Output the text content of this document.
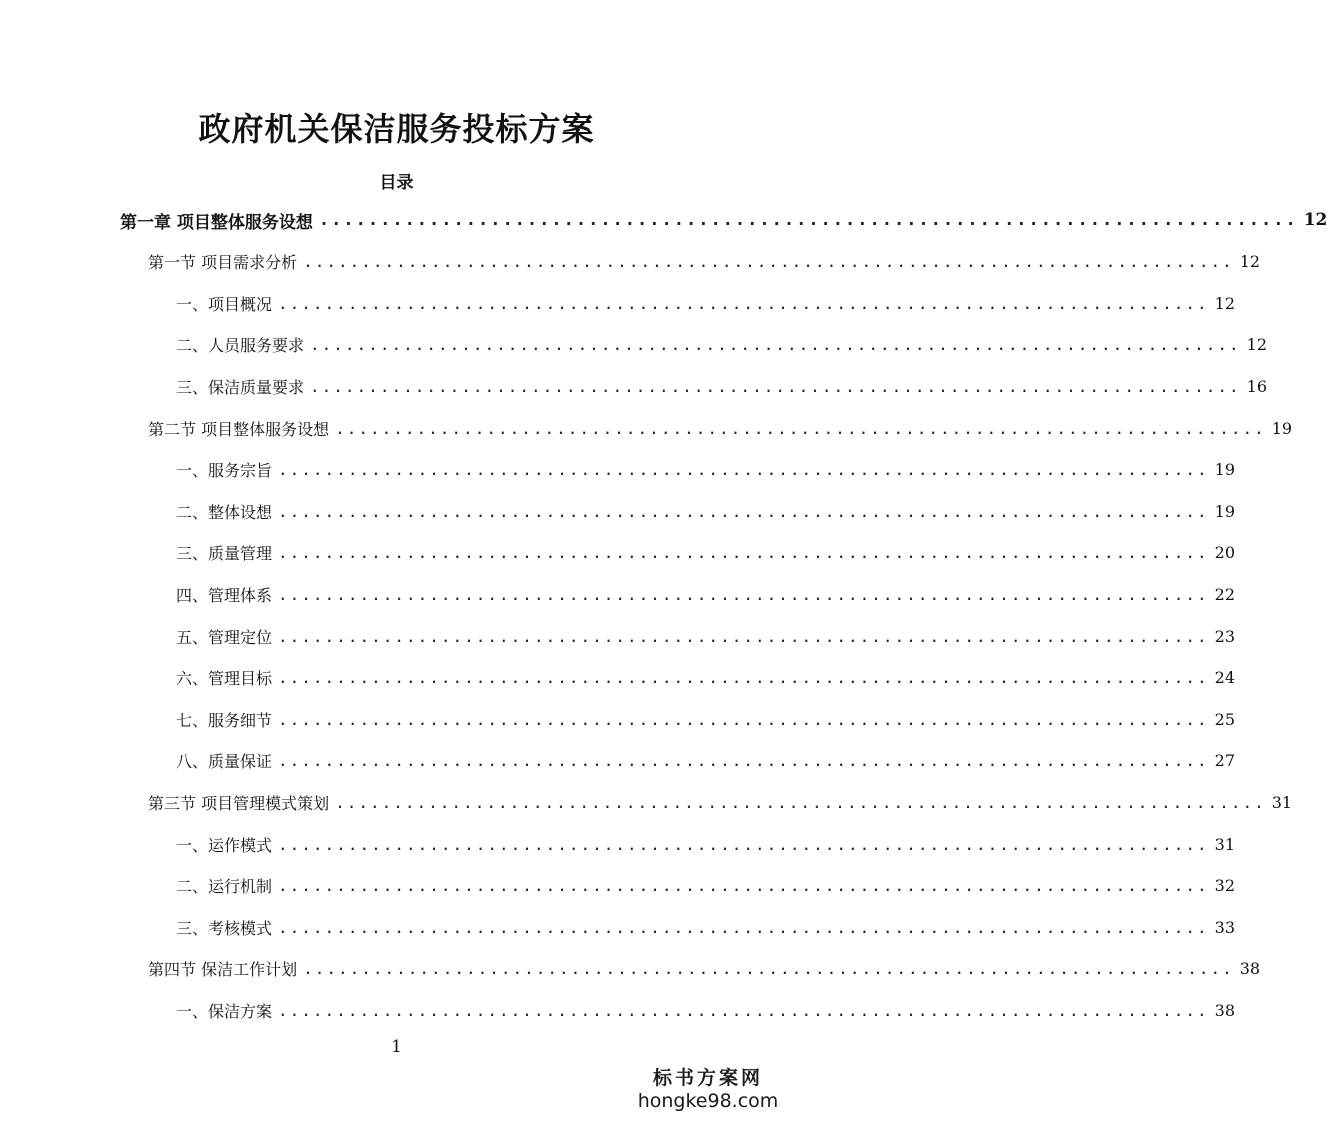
政府机关保洁服务投标方案
目录
第一章 项目整体服务设想 ................................................................................ 12
第一节 项目需求分析 ................................................................................ 12
一、项目概况 ................................................................................ 12
二、人员服务要求 ................................................................................ 12
三、保洁质量要求 ................................................................................ 16
第二节 项目整体服务设想 ................................................................................ 19
一、服务宗旨 ................................................................................ 19
二、整体设想 ................................................................................ 19
三、质量管理 ................................................................................ 20
四、管理体系 ................................................................................ 22
五、管理定位 ................................................................................ 23
六、管理目标 ................................................................................ 24
七、服务细节 ................................................................................ 25
八、质量保证 ................................................................................ 27
第三节 项目管理模式策划 ................................................................................ 31
一、运作模式 ................................................................................ 31
二、运行机制 ................................................................................ 32
三、考核模式 ................................................................................ 33
第四节 保洁工作计划 ................................................................................ 38
一、保洁方案 ................................................................................ 38
1
标书方案网
hongke98.com
